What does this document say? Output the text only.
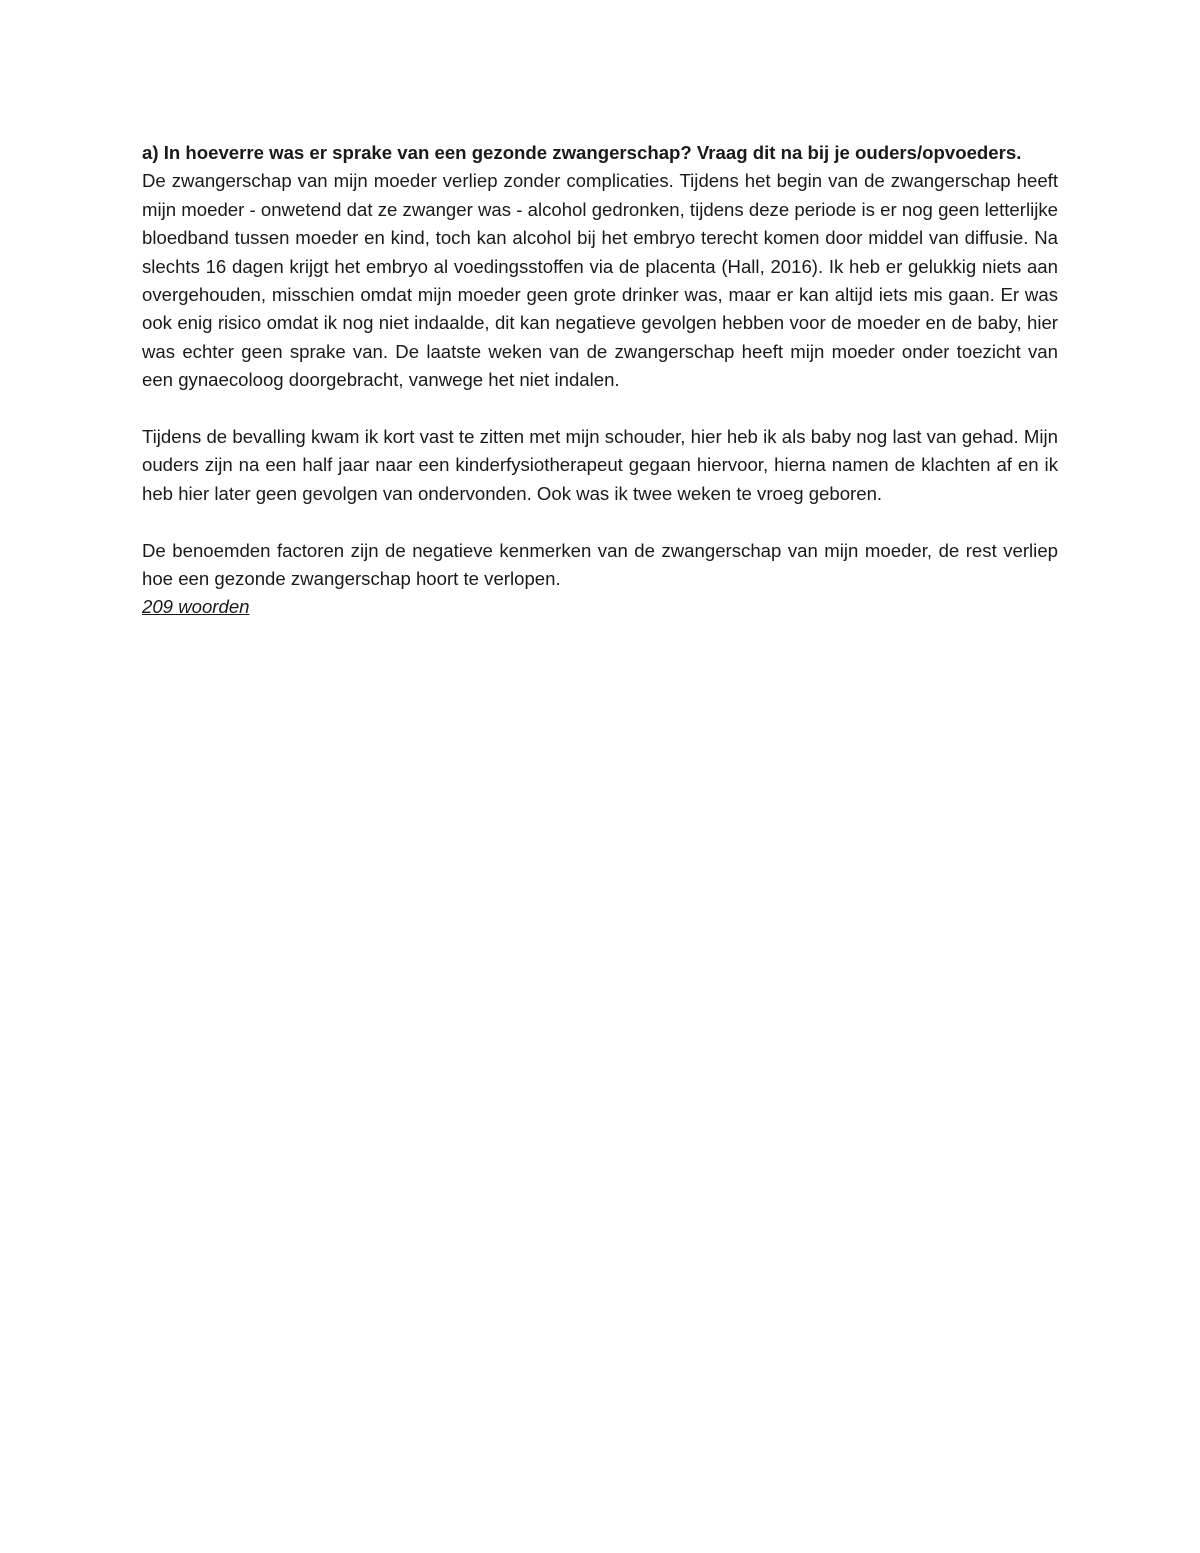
a) In hoeverre was er sprake van een gezonde zwangerschap? Vraag dit na bij je ouders/opvoeders.

De zwangerschap van mijn moeder verliep zonder complicaties. Tijdens het begin van de zwangerschap heeft mijn moeder - onwetend dat ze zwanger was - alcohol gedronken, tijdens deze periode is er nog geen letterlijke bloedband tussen moeder en kind, toch kan alcohol bij het embryo terecht komen door middel van diffusie. Na slechts 16 dagen krijgt het embryo al voedingsstoffen via de placenta (Hall, 2016). Ik heb er gelukkig niets aan overgehouden, misschien omdat mijn moeder geen grote drinker was, maar er kan altijd iets mis gaan. Er was ook enig risico omdat ik nog niet indaalde, dit kan negatieve gevolgen hebben voor de moeder en de baby, hier was echter geen sprake van. De laatste weken van de zwangerschap heeft mijn moeder onder toezicht van een gynaecoloog doorgebracht, vanwege het niet indalen.

Tijdens de bevalling kwam ik kort vast te zitten met mijn schouder, hier heb ik als baby nog last van gehad. Mijn ouders zijn na een half jaar naar een kinderfysiotherapeut gegaan hiervoor, hierna namen de klachten af en ik heb hier later geen gevolgen van ondervonden. Ook was ik twee weken te vroeg geboren.

De benoemden factoren zijn de negatieve kenmerken van de zwangerschap van mijn moeder, de rest verliep hoe een gezonde zwangerschap hoort te verlopen.

209 woorden
